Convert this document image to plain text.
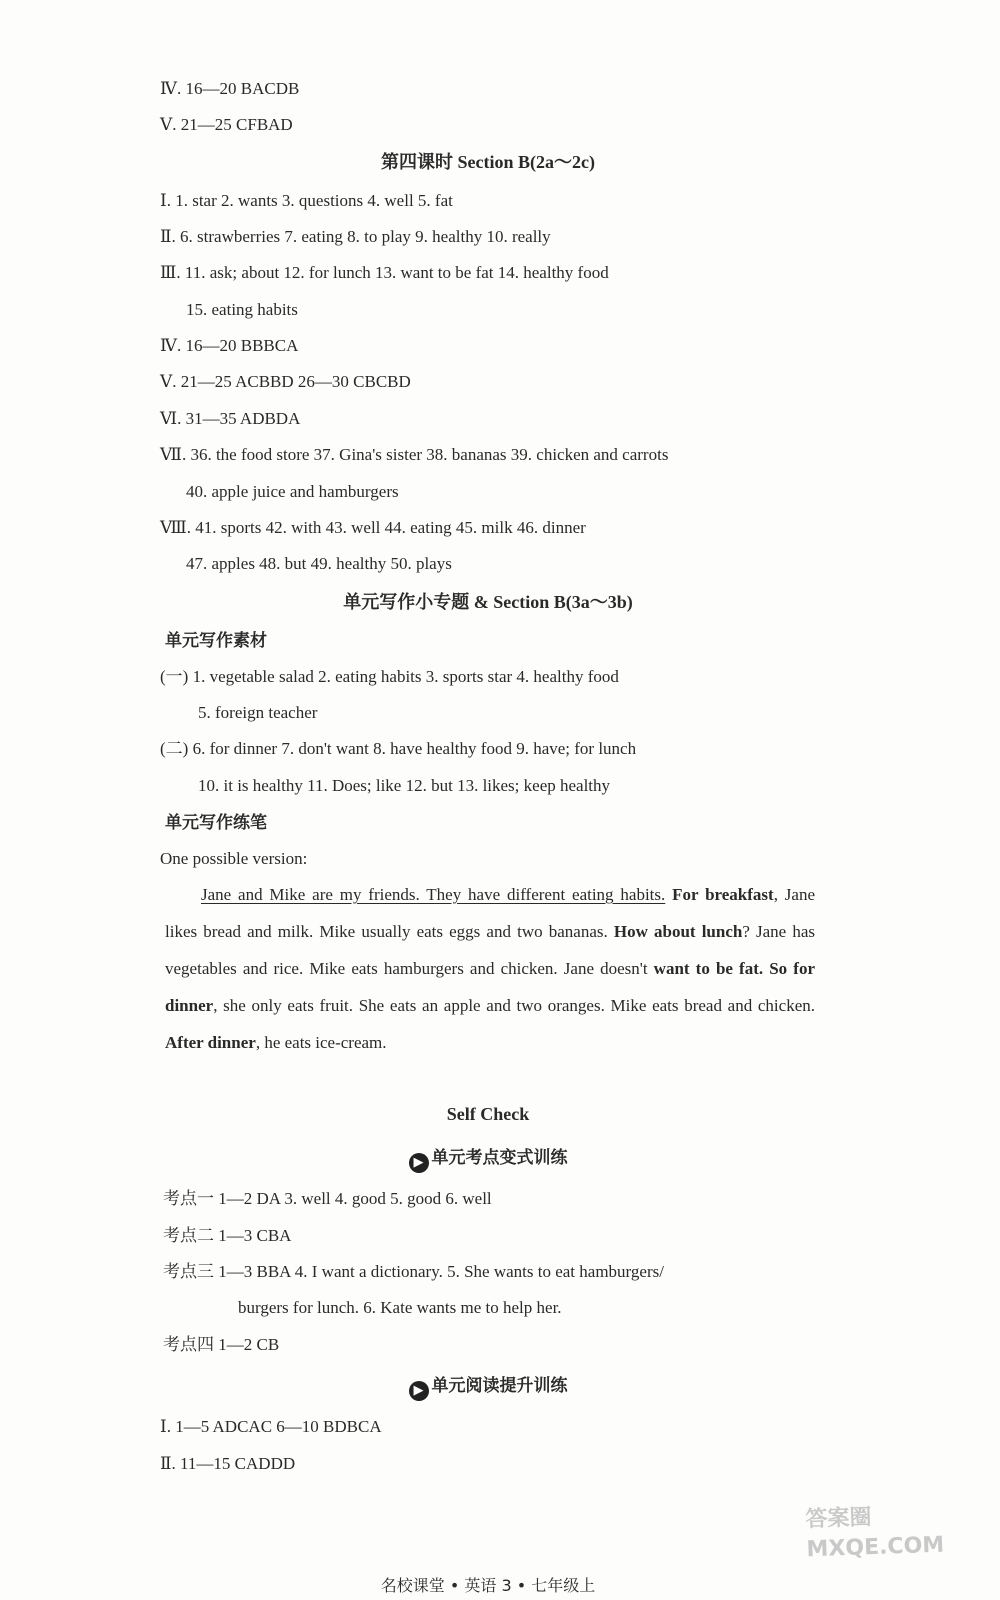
Ⅳ. 16—20 BACDB
Ⅴ. 21—25 CFBAD
第四课时 Section B(2a～2c)
Ⅰ. 1. star 2. wants 3. questions 4. well 5. fat
Ⅱ. 6. strawberries 7. eating 8. to play 9. healthy 10. really
Ⅲ. 11. ask; about 12. for lunch 13. want to be fat 14. healthy food
15. eating habits
Ⅳ. 16—20 BBBCA
Ⅴ. 21—25 ACBBD 26—30 CBCBD
Ⅵ. 31—35 ADBDA
Ⅶ. 36. the food store 37. Gina's sister 38. bananas 39. chicken and carrots
40. apple juice and hamburgers
Ⅷ. 41. sports 42. with 43. well 44. eating 45. milk 46. dinner
47. apples 48. but 49. healthy 50. plays
单元写作小专题 & Section B(3a～3b)
单元写作素材
(一) 1. vegetable salad 2. eating habits 3. sports star 4. healthy food
5. foreign teacher
(二) 6. for dinner 7. don't want 8. have healthy food 9. have; for lunch
10. it is healthy 11. Does; like 12. but 13. likes; keep healthy
单元写作练笔
One possible version:
Jane and Mike are my friends. They have different eating habits. For breakfast, Jane likes bread and milk. Mike usually eats eggs and two bananas. How about lunch? Jane has vegetables and rice. Mike eats hamburgers and chicken. Jane doesn't want to be fat. So for dinner, she only eats fruit. She eats an apple and two oranges. Mike eats bread and chicken. After dinner, he eats ice-cream.
Self Check
▶ 单元考点变式训练
考点一 1—2 DA 3. well 4. good 5. good 6. well
考点二 1—3 CBA
考点三 1—3 BBA 4. I want a dictionary. 5. She wants to eat hamburgers/
burgers for lunch. 6. Kate wants me to help her.
考点四 1—2 CB
▶ 单元阅读提升训练
Ⅰ. 1—5 ADCAC 6—10 BDBCA
Ⅱ. 11—15 CADDD
名校课堂 • 英语 3 • 七年级上
答案圈 MXQE.COM
